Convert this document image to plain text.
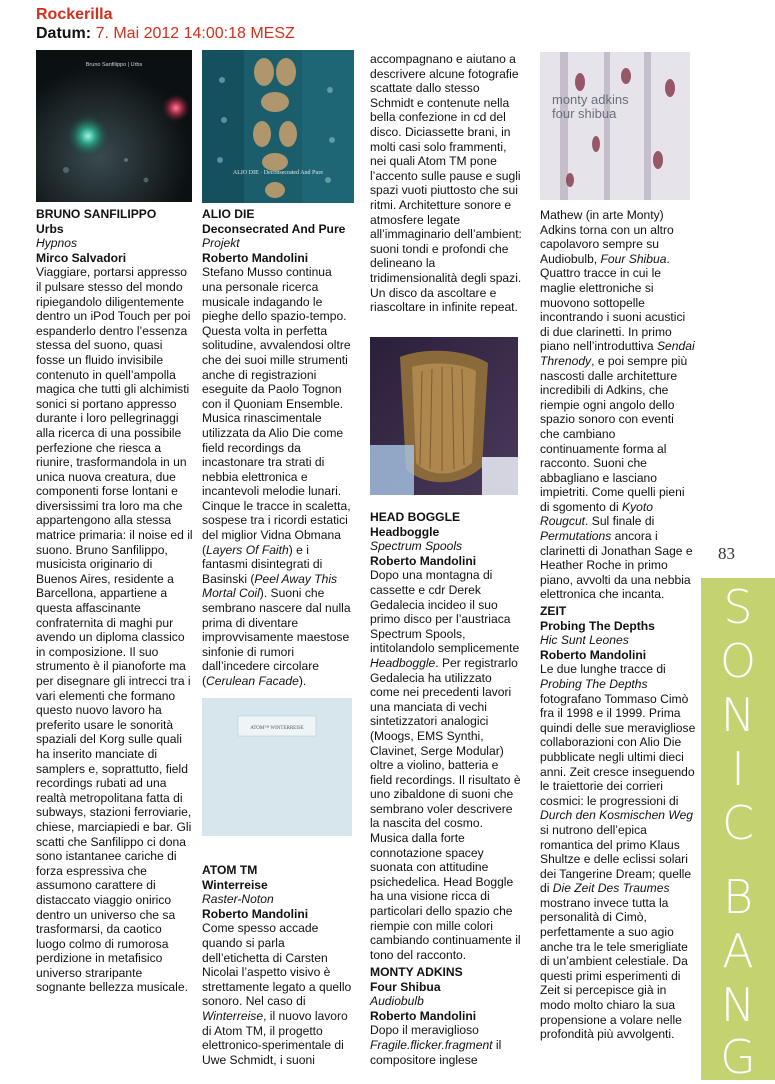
Rockerilla
Datum: 7. Mai 2012 14:00:18 MESZ
Bruno Sanfilippo | Urbs
ALIO DIE · Deconsecrated And Pure
ATOM™ WINTERREISE
monty adkins
four shibua
BRUNO SANFILIPPO
Urbs
Hypnos
Mirco Salvadori

Viaggiare, portarsi appresso il pulsare stesso del mondo ripiegandolo diligentemente dentro un iPod Touch per poi espanderlo dentro l’essenza stessa del suono, quasi fosse un fluido invisibile contenuto in quell’ampolla magica che tutti gli alchimisti sonici si portano appresso durante i loro pellegrinaggi alla ricerca di una possibile perfezione che riesca a riunire, trasformandola in un unica nuova creatura, due componenti forse lontani e diversissimi tra loro ma che appartengono alla stessa matrice primaria: il noise ed il suono. Bruno Sanfilippo, musicista originario di Buenos Aires, residente a Barcellona, appartiene a questa affascinante confraternita di maghi pur avendo un diploma classico in composizione. Il suo strumento è il pianoforte ma per disegnare gli intrecci tra i vari elementi che formano questo nuovo lavoro ha preferito usare le sonorità spaziali del Korg sulle quali ha inserito manciate di samplers e, soprattutto, field recordings rubati ad una realtà metropolitana fatta di subways, stazioni ferroviarie, chiese, marciapiedi e bar. Gli scatti che Sanfilippo ci dona sono istantanee cariche di forza espressiva che assumono carattere di distaccato viaggio onirico dentro un universo che sa trasformarsi, da caotico luogo colmo di rumorosa perdizione in metafisico universo straripante sognante bellezza musicale.

ALIO DIE
Deconsecrated And Pure
Projekt
Roberto Mandolini

Stefano Musso continua una personale ricerca musicale indagando le pieghe dello spazio-tempo. Questa volta in perfetta solitudine, avvalendosi oltre che dei suoi mille strumenti anche di registrazioni eseguite da Paolo Tognon con il Quoniam Ensemble. Musica rinascimentale utilizzata da Alio Die come field recordings da incastonare tra strati di nebbia elettronica e incantevoli melodie lunari. Cinque le tracce in scaletta, sospese tra i ricordi estatici del miglior Vidna Obmana (Layers Of Faith) e i fantasmi disintegrati di Basinski (Peel Away This Mortal Coil). Suoni che sembrano nascere dal nulla prima di diventare improvvisamente maestose sinfonie di rumori dall’incedere circolare (Cerulean Facade).

ATOM TM
Winterreise
Raster-Noton
Roberto Mandolini

Come spesso accade quando si parla dell’etichetta di Carsten Nicolai l’aspetto visivo è strettamente legato a quello sonoro. Nel caso di Winterreise, il nuovo lavoro di Atom TM, il progetto elettronico-sperimentale di Uwe Schmidt, i suoni

accompagnano e aiutano a descrivere alcune fotografie scattate dallo stesso Schmidt e contenute nella bella confezione in cd del disco. Diciassette brani, in molti casi solo frammenti, nei quali Atom TM pone l’accento sulle pause e sugli spazi vuoti piuttosto che sui ritmi. Architetture sonore e atmosfere legate all’immaginario dell’ambient: suoni tondi e profondi che delineano la tridimensionalità degli spazi. Un disco da ascoltare e riascoltare in infinite repeat.

HEAD BOGGLE
Headboggle
Spectrum Spools
Roberto Mandolini

Dopo una montagna di cassette e cdr Derek Gedalecia incideo il suo primo disco per l’austriaca Spectrum Spools, intitolandolo semplicemente Headboggle. Per registrarlo Gedalecia ha utilizzato come nei precedenti lavori una manciata di vechi sintetizzatori analogici (Moogs, EMS Synthi, Clavinet, Serge Modular) oltre a violino, batteria e field recordings. Il risultato è uno zibaldone di suoni che sembrano voler descrivere la nascita del cosmo. Musica dalla forte connotazione spacey suonata con attitudine psichedelica. Head Boggle ha una visione ricca di particolari dello spazio che riempie con mille colori cambiando continuamente il tono del racconto.

MONTY ADKINS
Four Shibua
Audiobulb
Roberto Mandolini

Dopo il meraviglioso Fragile.flicker.fragment il compositore inglese

Mathew (in arte Monty) Adkins torna con un altro capolavoro sempre su Audiobulb, Four Shibua. Quattro tracce in cui le maglie elettroniche si muovono sottopelle incontrando i suoni acustici di due clarinetti. In primo piano nell’introduttiva Sendai Threnody, e poi sempre più nascosti dalle architetture incredibili di Adkins, che riempie ogni angolo dello spazio sonoro con eventi che cambiano continuamente forma al racconto. Suoni che abbagliano e lasciano impietriti. Come quelli pieni di sgomento di Kyoto Rougcut. Sul finale di Permutations ancora i clarinetti di Jonathan Sage e Heather Roche in primo piano, avvolti da una nebbia elettronica che incanta.

ZEIT
Probing The Depths
Hic Sunt Leones
Roberto Mandolini

Le due lunghe tracce di Probing The Depths fotografano Tommaso Cimò fra il 1998 e il 1999. Prima quindi delle sue meravigliose collaborazioni con Alio Die pubblicate negli ultimi dieci anni. Zeit cresce inseguendo le traiettorie dei corrieri cosmici: le progressioni di Durch den Kosmischen Weg si nutrono dell’epica romantica del primo Klaus Shultze e delle eclissi solari dei Tangerine Dream; quelle di Die Zeit Des Traumes mostrano invece tutta la personalità di Cimò, perfettamente a suo agio anche tra le tele smerigliate di un’ambient celestiale. Da questi primi esperimenti di Zeit si percepisce già in modo molto chiaro la sua propensione a volare nelle profondità più avvolgenti.

83
S
O
N
I
C
B
A
N
G
